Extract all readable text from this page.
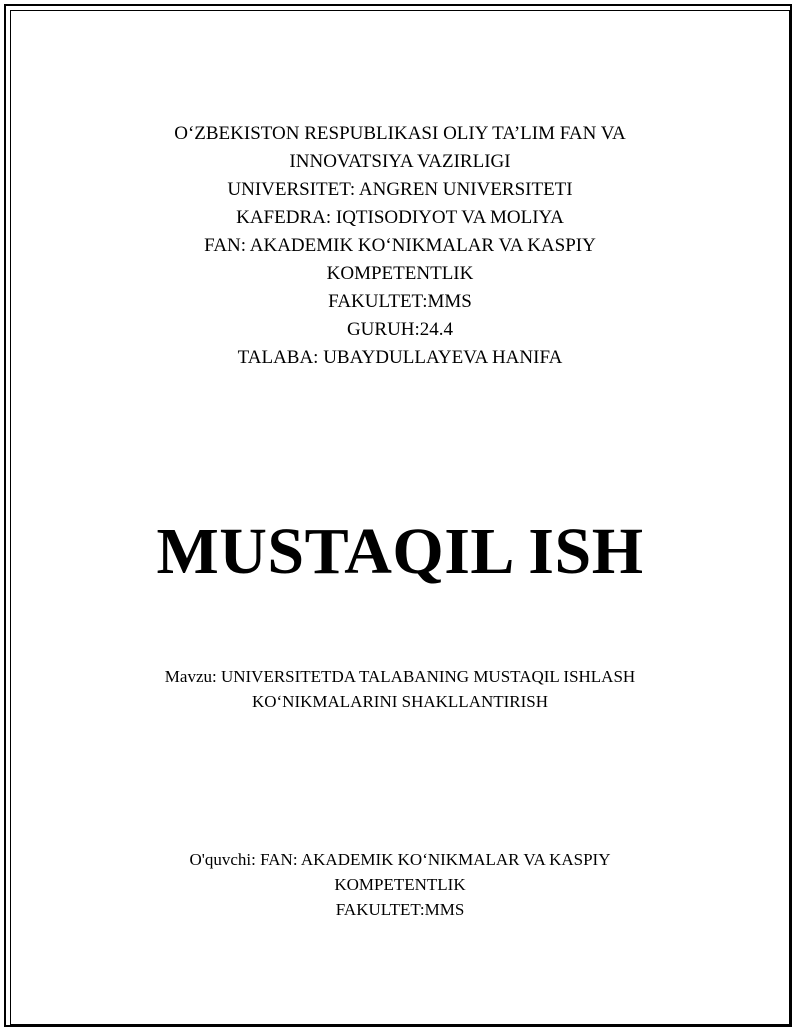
O‘ZBEKISTON RESPUBLIKASI OLIY TA’LIM FAN VA
INNOVATSIYA VAZIRLIGI
UNIVERSITET: ANGREN UNIVERSITETI
KAFEDRA: IQTISODIYOT VA MOLIYA
FAN: AKADEMIK KO‘NIKMALAR VA KASPIY
KOMPETENTLIK
FAKULTET:MMS
GURUH:24.4
TALABA: UBAYDULLAYEVA HANIFA
MUSTAQIL ISH
Mavzu: UNIVERSITETDA TALABANING MUSTAQIL ISHLASH
KO‘NIKMALARINI SHAKLLANTIRISH
O'quvchi: FAN: AKADEMIK KO‘NIKMALAR VA KASPIY
KOMPETENTLIK
FAKULTET:MMS
